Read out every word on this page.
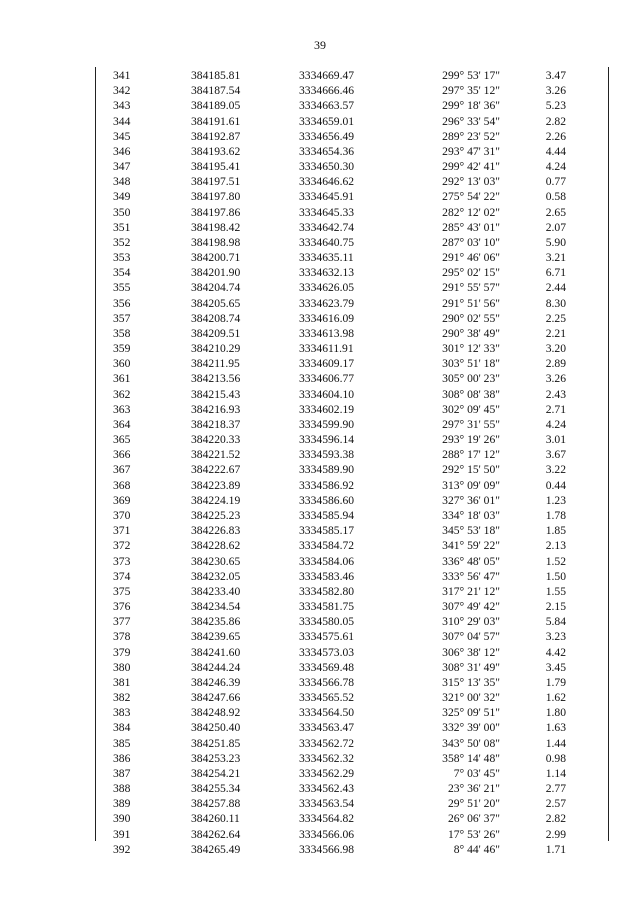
39
341	384185.81	3334669.47	299° 53' 17"	3.47
342	384187.54	3334666.46	297° 35' 12"	3.26
343	384189.05	3334663.57	299° 18' 36"	5.23
344	384191.61	3334659.01	296° 33' 54"	2.82
345	384192.87	3334656.49	289° 23' 52"	2.26
346	384193.62	3334654.36	293° 47' 31"	4.44
347	384195.41	3334650.30	299° 42' 41"	4.24
348	384197.51	3334646.62	292° 13' 03"	0.77
349	384197.80	3334645.91	275° 54' 22"	0.58
350	384197.86	3334645.33	282° 12' 02"	2.65
351	384198.42	3334642.74	285° 43' 01"	2.07
352	384198.98	3334640.75	287° 03' 10"	5.90
353	384200.71	3334635.11	291° 46' 06"	3.21
354	384201.90	3334632.13	295° 02' 15"	6.71
355	384204.74	3334626.05	291° 55' 57"	2.44
356	384205.65	3334623.79	291° 51' 56"	8.30
357	384208.74	3334616.09	290° 02' 55"	2.25
358	384209.51	3334613.98	290° 38' 49"	2.21
359	384210.29	3334611.91	301° 12' 33"	3.20
360	384211.95	3334609.17	303° 51' 18"	2.89
361	384213.56	3334606.77	305° 00' 23"	3.26
362	384215.43	3334604.10	308° 08' 38"	2.43
363	384216.93	3334602.19	302° 09' 45"	2.71
364	384218.37	3334599.90	297° 31' 55"	4.24
365	384220.33	3334596.14	293° 19' 26"	3.01
366	384221.52	3334593.38	288° 17' 12"	3.67
367	384222.67	3334589.90	292° 15' 50"	3.22
368	384223.89	3334586.92	313° 09' 09"	0.44
369	384224.19	3334586.60	327° 36' 01"	1.23
370	384225.23	3334585.94	334° 18' 03"	1.78
371	384226.83	3334585.17	345° 53' 18"	1.85
372	384228.62	3334584.72	341° 59' 22"	2.13
373	384230.65	3334584.06	336° 48' 05"	1.52
374	384232.05	3334583.46	333° 56' 47"	1.50
375	384233.40	3334582.80	317° 21' 12"	1.55
376	384234.54	3334581.75	307° 49' 42"	2.15
377	384235.86	3334580.05	310° 29' 03"	5.84
378	384239.65	3334575.61	307° 04' 57"	3.23
379	384241.60	3334573.03	306° 38' 12"	4.42
380	384244.24	3334569.48	308° 31' 49"	3.45
381	384246.39	3334566.78	315° 13' 35"	1.79
382	384247.66	3334565.52	321° 00' 32"	1.62
383	384248.92	3334564.50	325° 09' 51"	1.80
384	384250.40	3334563.47	332° 39' 00"	1.63
385	384251.85	3334562.72	343° 50' 08"	1.44
386	384253.23	3334562.32	358° 14' 48"	0.98
387	384254.21	3334562.29	7° 03' 45"	1.14
388	384255.34	3334562.43	23° 36' 21"	2.77
389	384257.88	3334563.54	29° 51' 20"	2.57
390	384260.11	3334564.82	26° 06' 37"	2.82
391	384262.64	3334566.06	17° 53' 26"	2.99
392	384265.49	3334566.98	8° 44' 46"	1.71
